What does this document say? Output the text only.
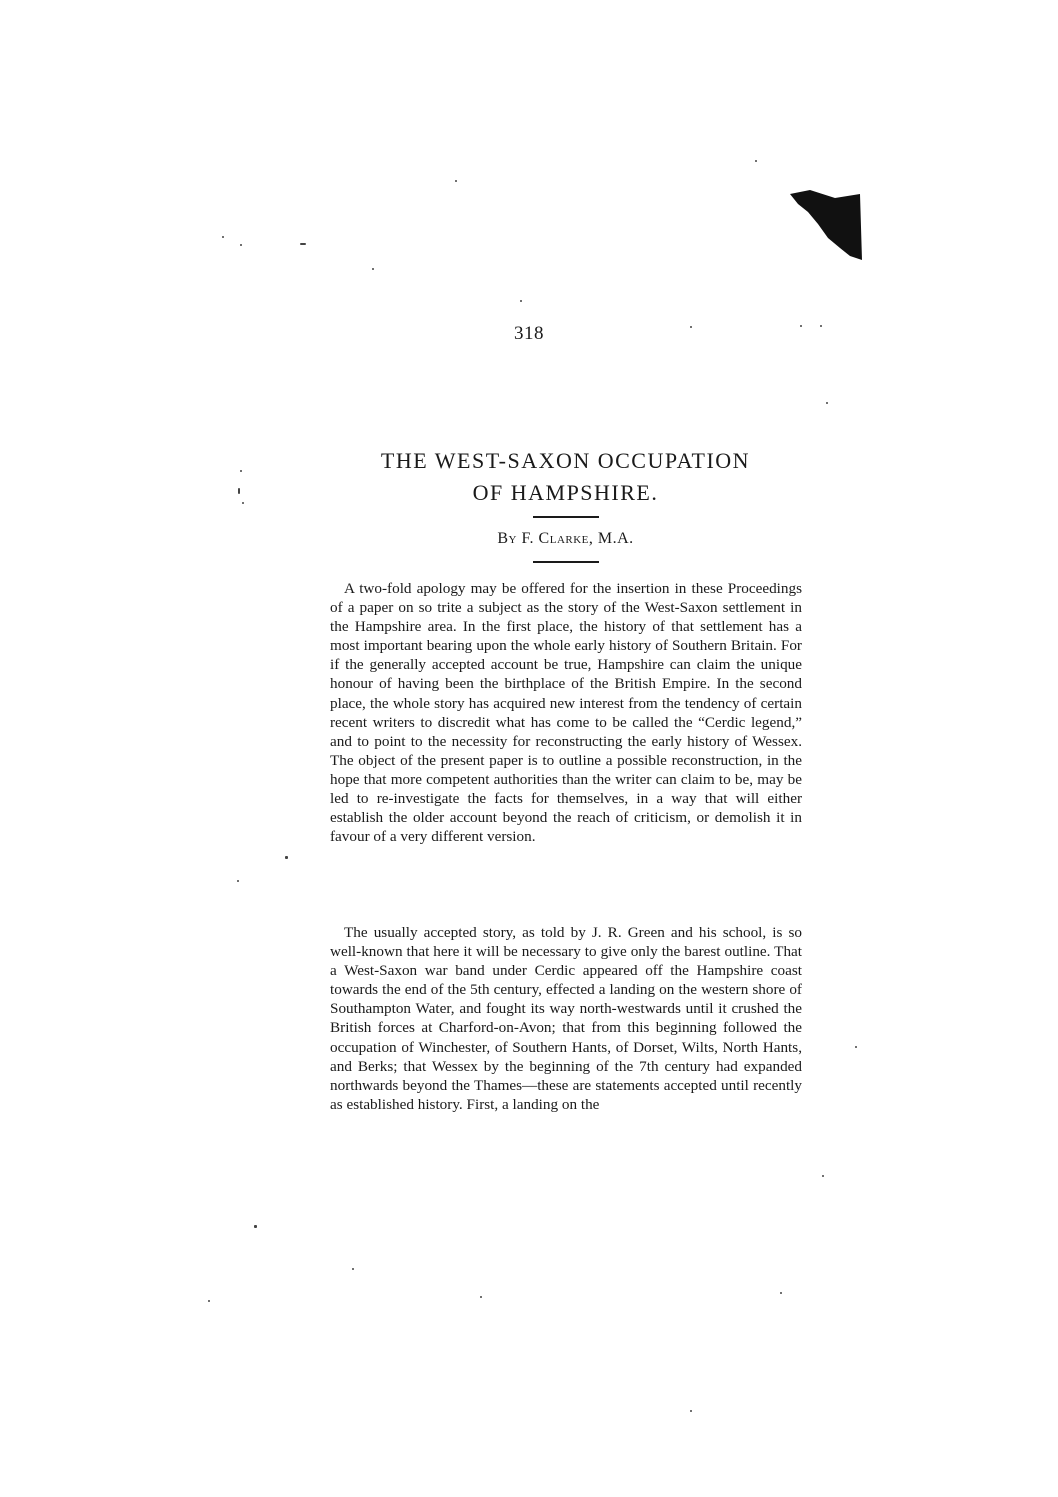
318
THE WEST-SAXON OCCUPATION
OF HAMPSHIRE.
By F. Clarke, M.A.

A two-fold apology may be offered for the insertion in these Proceedings of a paper on so trite a subject as the story of the West-Saxon settlement in the Hampshire area. In the first place, the history of that settlement has a most important bearing upon the whole early history of Southern Britain. For if the generally accepted account be true, Hampshire can claim the unique honour of having been the birthplace of the British Empire. In the second place, the whole story has acquired new interest from the tendency of certain recent writers to discredit what has come to be called the “Cerdic legend,” and to point to the necessity for reconstructing the early history of Wessex. The object of the present paper is to outline a possible reconstruction, in the hope that more competent authorities than the writer can claim to be, may be led to re-investigate the facts for themselves, in a way that will either establish the older account beyond the reach of criticism, or demolish it in favour of a very different version.

The usually accepted story, as told by J. R. Green and his school, is so well-known that here it will be necessary to give only the barest outline. That a West-Saxon war band under Cerdic appeared off the Hampshire coast towards the end of the 5th century, effected a landing on the western shore of Southampton Water, and fought its way north-westwards until it crushed the British forces at Charford-on-Avon; that from this beginning followed the occupation of Winchester, of Southern Hants, of Dorset, Wilts, North Hants, and Berks; that Wessex by the beginning of the 7th century had expanded northwards beyond the Thames—these are statements accepted until recently as established history. First, a landing on the
